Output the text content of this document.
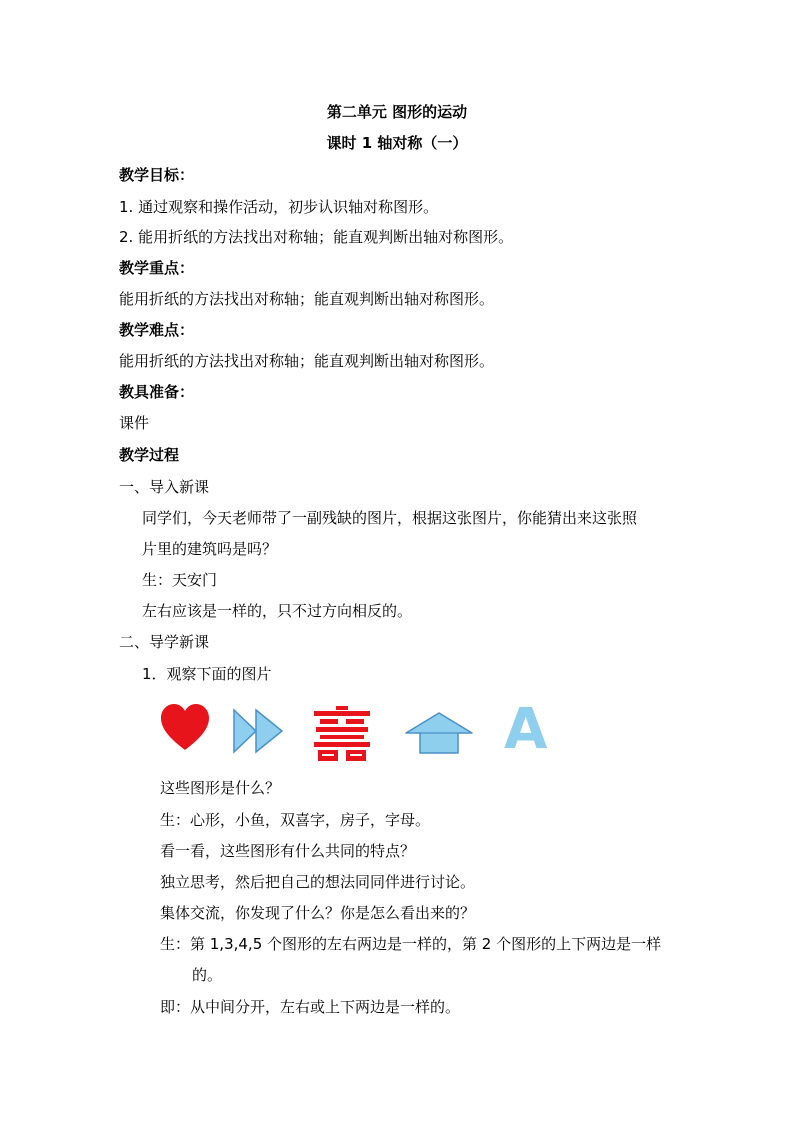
第二单元 图形的运动
课时 1 轴对称（一）
教学目标：
1. 通过观察和操作活动，初步认识轴对称图形。
2. 能用折纸的方法找出对称轴；能直观判断出轴对称图形。
教学重点：
能用折纸的方法找出对称轴；能直观判断出轴对称图形。
教学难点：
能用折纸的方法找出对称轴；能直观判断出轴对称图形。
教具准备：
课件
教学过程
一、导入新课
同学们，今天老师带了一副残缺的图片，根据这张图片，你能猜出来这张照
片里的建筑吗是吗？
生：天安门
左右应该是一样的，只不过方向相反的。
二、导学新课
1．观察下面的图片
A
这些图形是什么？
生：心形，小鱼，双喜字，房子，字母。
看一看，这些图形有什么共同的特点？
独立思考，然后把自己的想法同同伴进行讨论。
集体交流，你发现了什么？你是怎么看出来的？
生：第 1,3,4,5 个图形的左右两边是一样的，第 2 个图形的上下两边是一样
的。
即：从中间分开，左右或上下两边是一样的。
